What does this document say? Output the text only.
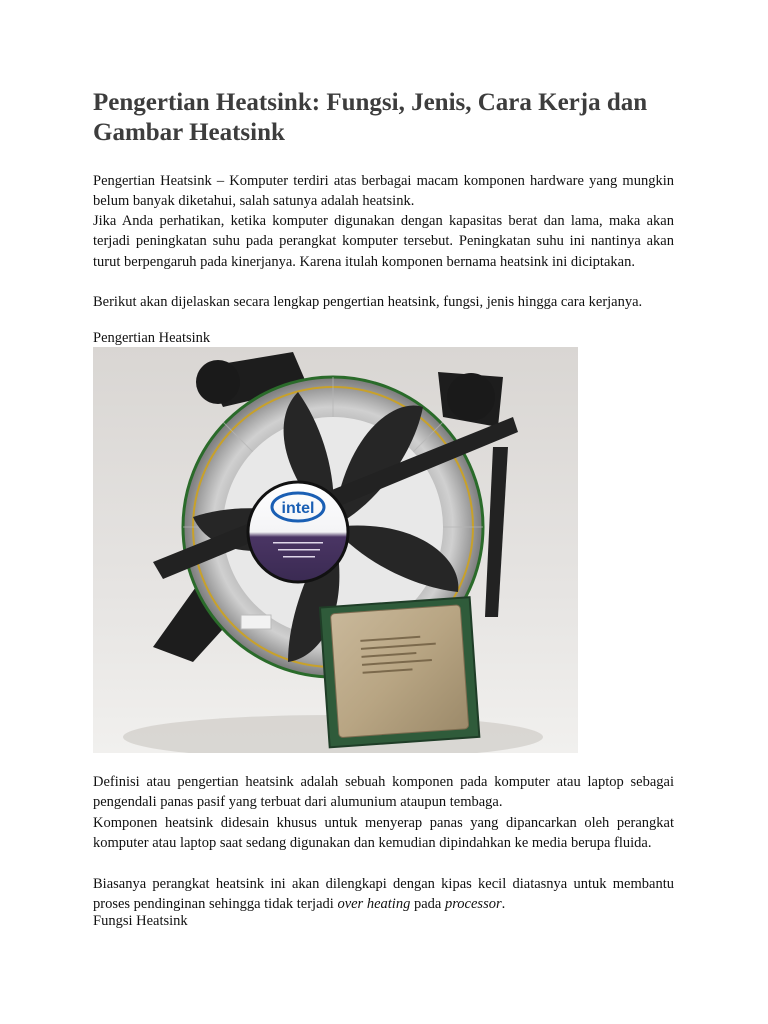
Pengertian Heatsink: Fungsi, Jenis, Cara Kerja dan Gambar Heatsink

Pengertian Heatsink – Komputer terdiri atas berbagai macam komponen hardware yang mungkin belum banyak diketahui, salah satunya adalah heatsink.

Jika Anda perhatikan, ketika komputer digunakan dengan kapasitas berat dan lama, maka akan terjadi peningkatan suhu pada perangkat komputer tersebut. Peningkatan suhu ini nantinya akan turut berpengaruh pada kinerjanya. Karena itulah komponen bernama heatsink ini diciptakan.

Berikut akan dijelaskan secara lengkap pengertian heatsink, fungsi, jenis hingga cara kerjanya.

Pengertian Heatsink

intel

Definisi atau pengertian heatsink adalah sebuah komponen pada komputer atau laptop sebagai pengendali panas pasif yang terbuat dari alumunium ataupun tembaga.

Komponen heatsink didesain khusus untuk menyerap panas yang dipancarkan oleh perangkat komputer atau laptop saat sedang digunakan dan kemudian dipindahkan ke media berupa fluida.

Biasanya perangkat heatsink ini akan dilengkapi dengan kipas kecil diatasnya untuk membantu proses pendinginan sehingga tidak terjadi over heating pada processor.

Fungsi Heatsink
